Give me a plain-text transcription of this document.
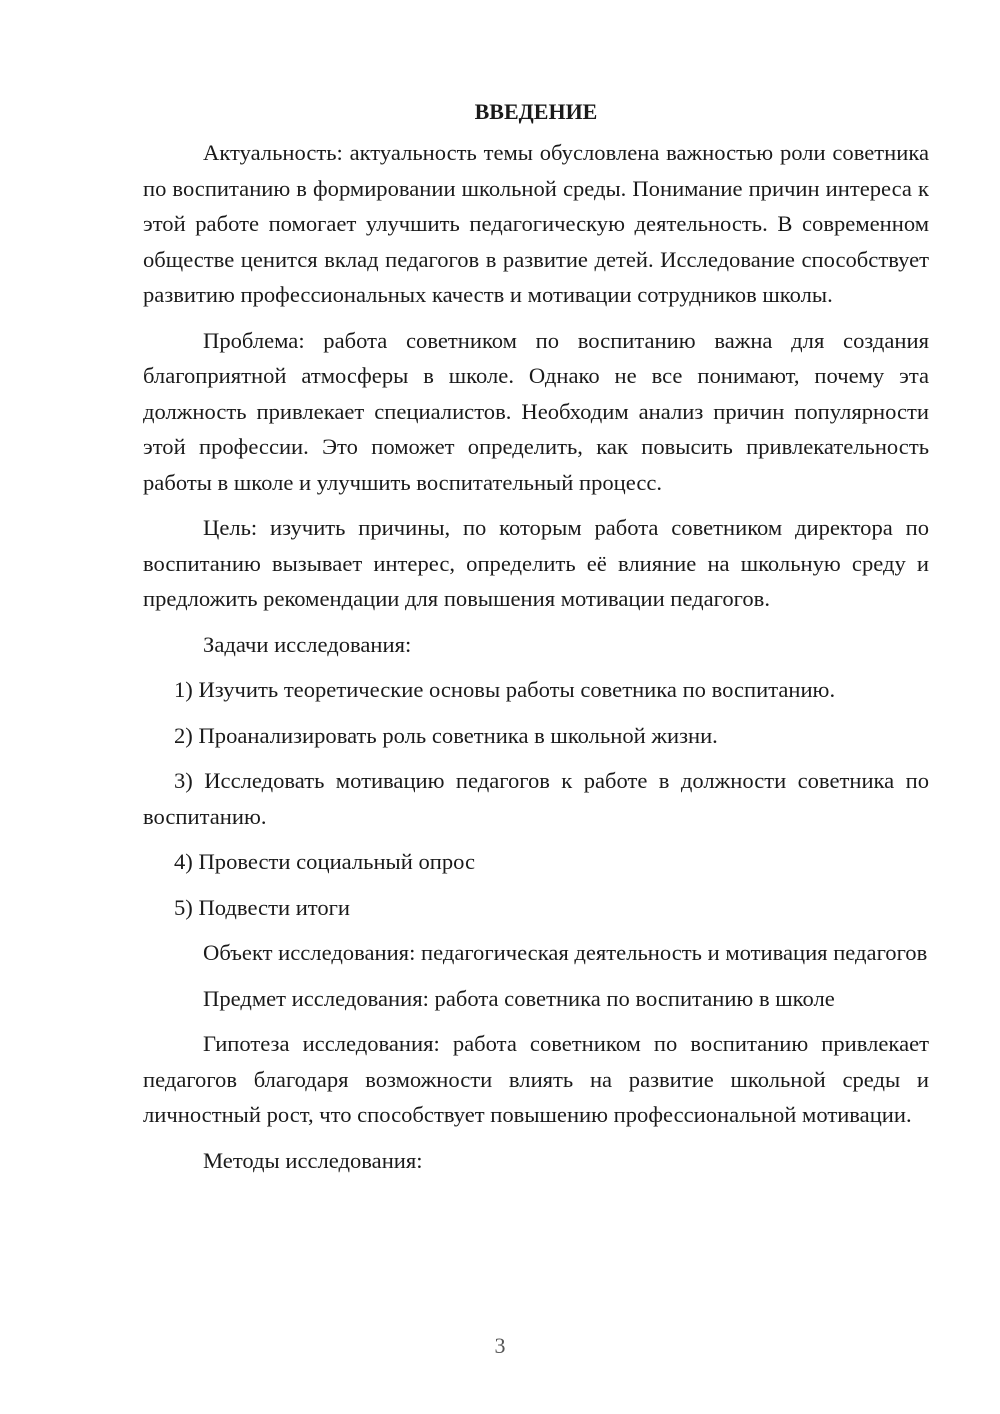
ВВЕДЕНИЕ

Актуальность: актуальность темы обусловлена важностью роли советника по воспитанию в формировании школьной среды. Понимание причин интереса к этой работе помогает улучшить педагогическую деятельность. В современном обществе ценится вклад педагогов в развитие детей. Исследование способствует развитию профессиональных качеств и мотивации сотрудников школы.

Проблема: работа советником по воспитанию важна для создания благоприятной атмосферы в школе. Однако не все понимают, почему эта должность привлекает специалистов. Необходим анализ причин популярности этой профессии. Это поможет определить, как повысить привлекательность работы в школе и улучшить воспитательный процесс.

Цель: изучить причины, по которым работа советником директора по воспитанию вызывает интерес, определить её влияние на школьную среду и предложить рекомендации для повышения мотивации педагогов.

Задачи исследования:

1) Изучить теоретические основы работы советника по воспитанию.

2) Проанализировать роль советника в школьной жизни.

3) Исследовать мотивацию педагогов к работе в должности советника по воспитанию.

4) Провести социальный опрос

5) Подвести итоги

Объект исследования: педагогическая деятельность и мотивация педагогов

Предмет исследования: работа советника по воспитанию в школе

Гипотеза исследования: работа советником по воспитанию привлекает педагогов благодаря возможности влиять на развитие школьной среды и личностный рост, что способствует повышению профессиональной мотивации.

Методы исследования:

3
